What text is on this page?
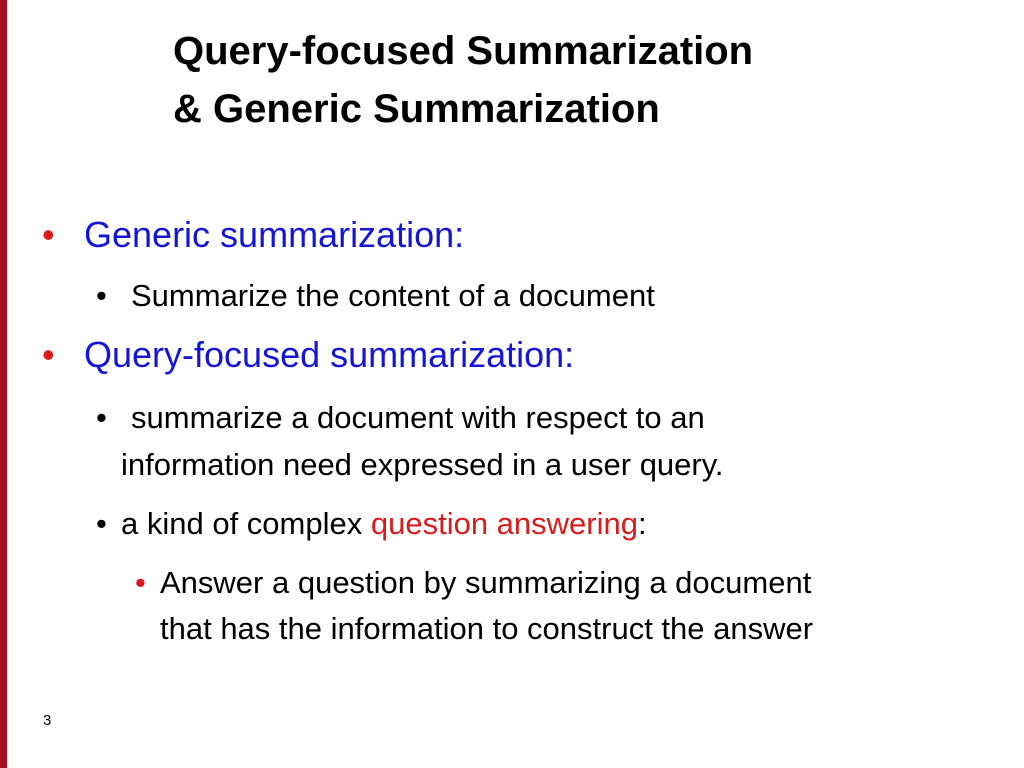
Query-focused Summarization
& Generic Summarization
• Generic summarization:
• Summarize the content of a document
• Query-focused summarization:
• summarize a document with respect to an
information need expressed in a user query.
• a kind of complex question answering:
• Answer a question by summarizing a document
that has the information to construct the answer
3
